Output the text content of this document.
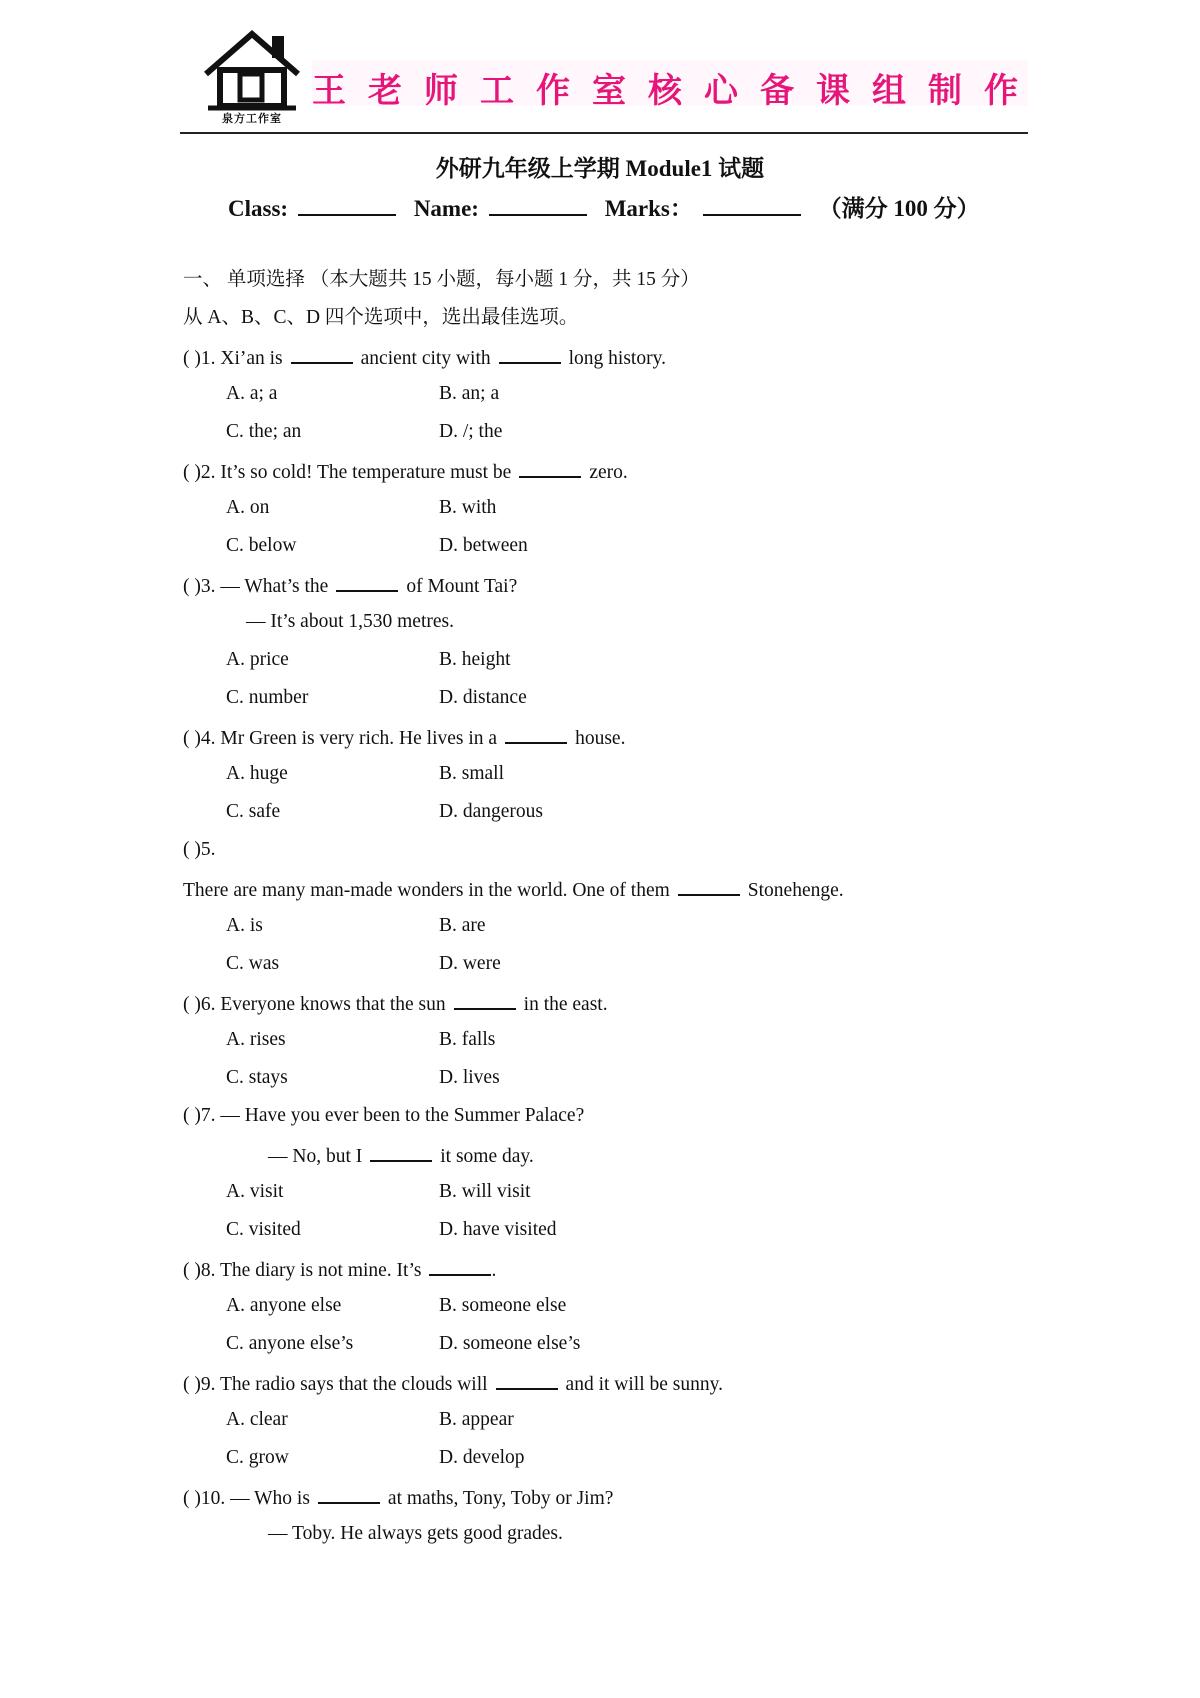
泉方工作室
王老师工作室核心备课组制作
外研九年级上学期 Module1 试题
Class:	Name:	Marks：	（满分 100 分）
一、 单项选择 （本大题共 15 小题，每小题 1 分，共 15 分）
从 A、B、C、D 四个选项中，选出最佳选项。
( )1. Xi’an is	ancient city with	long history.
A. a; a	B. an; a
C. the; an	D. /; the
( )2. It’s so cold! The temperature must be	zero.
A. on	B. with
C. below	D. between
( )3. — What’s the	of Mount Tai?
— It’s about 1,530 metres.
A. price	B. height
C. number	D. distance
( )4. Mr Green is very rich. He lives in a	house.
A. huge	B. small
C. safe	D. dangerous
( )5.
There are many man-made wonders in the world. One of them	Stonehenge.
A. is	B. are
C. was	D. were
( )6. Everyone knows that the sun	in the east.
A. rises	B. falls
C. stays	D. lives
( )7. — Have you ever been to the Summer Palace?
— No, but I	it some day.
A. visit	B. will visit
C. visited	D. have visited
( )8. The diary is not mine. It’s	.
A. anyone else	B. someone else
C. anyone else’s	D. someone else’s
( )9. The radio says that the clouds will	and it will be sunny.
A. clear	B. appear
C. grow	D. develop
( )10. — Who is	at maths, Tony, Toby or Jim?
— Toby. He always gets good grades.
